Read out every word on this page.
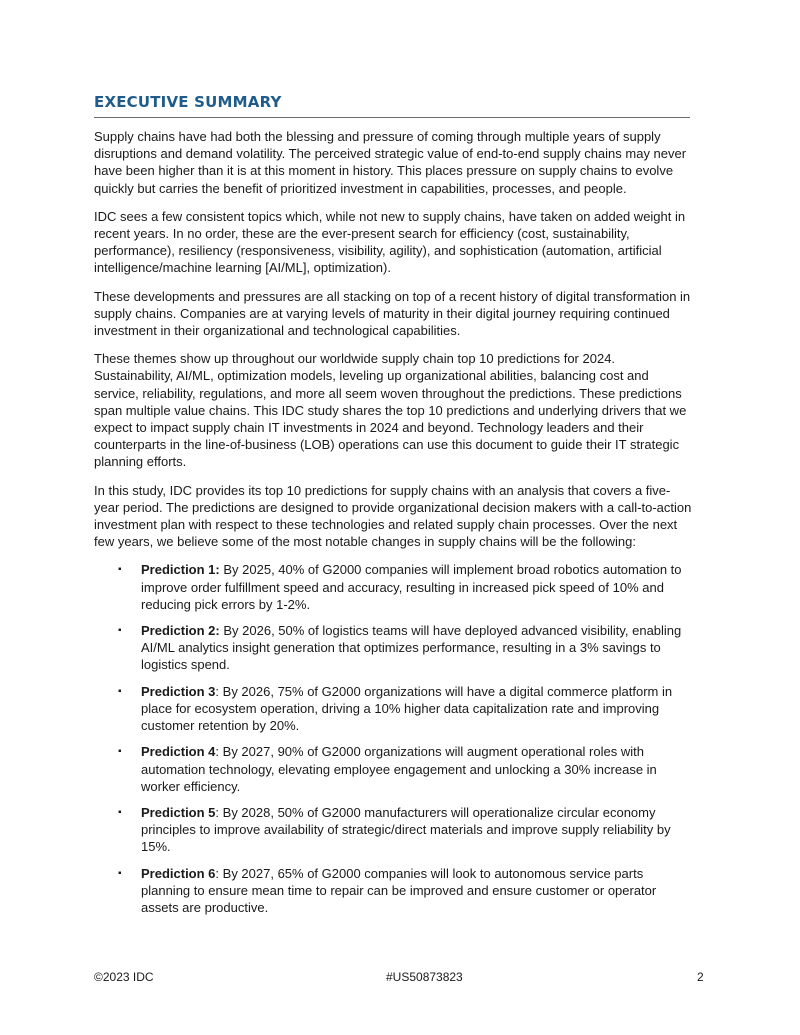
EXECUTIVE SUMMARY

Supply chains have had both the blessing and pressure of coming through multiple years of supply disruptions and demand volatility. The perceived strategic value of end-to-end supply chains may never have been higher than it is at this moment in history. This places pressure on supply chains to evolve quickly but carries the benefit of prioritized investment in capabilities, processes, and people.

IDC sees a few consistent topics which, while not new to supply chains, have taken on added weight in recent years. In no order, these are the ever-present search for efficiency (cost, sustainability, performance), resiliency (responsiveness, visibility, agility), and sophistication (automation, artificial intelligence/machine learning [AI/ML], optimization).

These developments and pressures are all stacking on top of a recent history of digital transformation in supply chains. Companies are at varying levels of maturity in their digital journey requiring continued investment in their organizational and technological capabilities.

These themes show up throughout our worldwide supply chain top 10 predictions for 2024. Sustainability, AI/ML, optimization models, leveling up organizational abilities, balancing cost and service, reliability, regulations, and more all seem woven throughout the predictions. These predictions span multiple value chains. This IDC study shares the top 10 predictions and underlying drivers that we expect to impact supply chain IT investments in 2024 and beyond. Technology leaders and their counterparts in the line-of-business (LOB) operations can use this document to guide their IT strategic planning efforts.

In this study, IDC provides its top 10 predictions for supply chains with an analysis that covers a five-year period. The predictions are designed to provide organizational decision makers with a call-to-action investment plan with respect to these technologies and related supply chain processes. Over the next few years, we believe some of the most notable changes in supply chains will be the following:

▪ Prediction 1: By 2025, 40% of G2000 companies will implement broad robotics automation to improve order fulfillment speed and accuracy, resulting in increased pick speed of 10% and reducing pick errors by 1-2%.
▪ Prediction 2: By 2026, 50% of logistics teams will have deployed advanced visibility, enabling AI/ML analytics insight generation that optimizes performance, resulting in a 3% savings to logistics spend.
▪ Prediction 3: By 2026, 75% of G2000 organizations will have a digital commerce platform in place for ecosystem operation, driving a 10% higher data capitalization rate and improving customer retention by 20%.
▪ Prediction 4: By 2027, 90% of G2000 organizations will augment operational roles with automation technology, elevating employee engagement and unlocking a 30% increase in worker efficiency.
▪ Prediction 5: By 2028, 50% of G2000 manufacturers will operationalize circular economy principles to improve availability of strategic/direct materials and improve supply reliability by 15%.
▪ Prediction 6: By 2027, 65% of G2000 companies will look to autonomous service parts planning to ensure mean time to repair can be improved and ensure customer or operator assets are productive.
©2023 IDC	#US50873823	2
